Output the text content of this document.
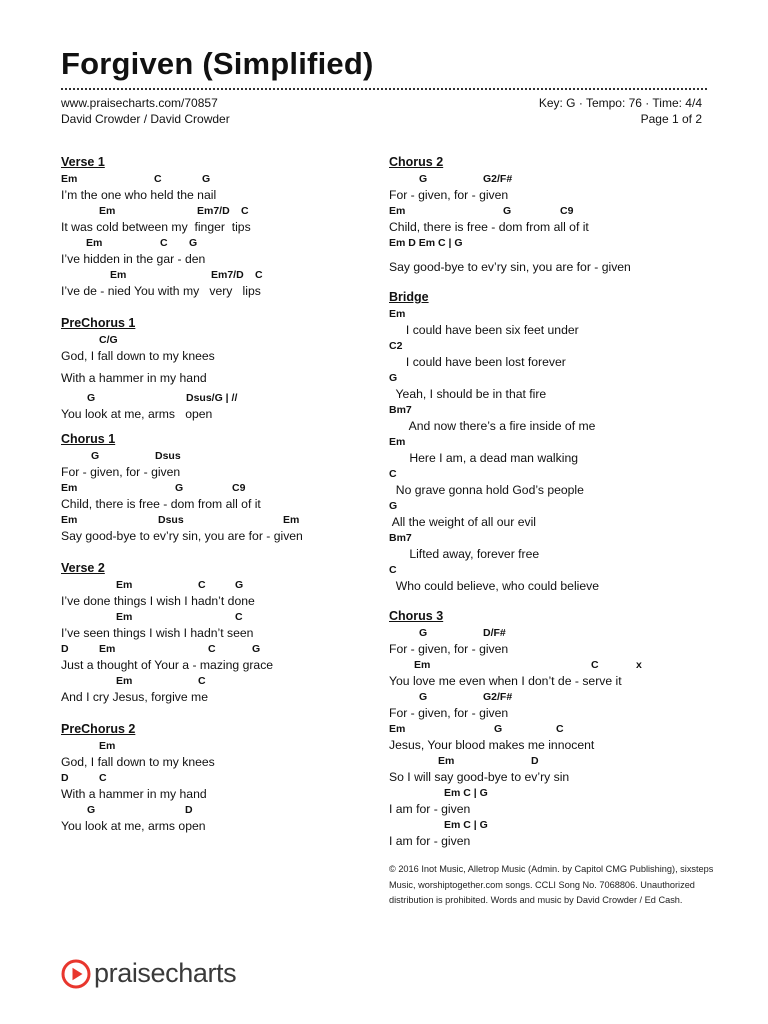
Forgiven (Simplified)
www.praisecharts.com/70857
David Crowder / David Crowder
Key: G · Tempo: 76 · Time: 4/4
Page 1 of 2
Verse 1
Em	C	G
I’m the one who held the nail
Em	Em7/D C
It was cold between my  finger  tips
Em	C G
I’ve hidden in the gar - den
Em	Em7/D C
I’ve de - nied You with my   very   lips
PreChorus 1
C/G
God, I fall down to my knees
With a hammer in my hand
G	Dsus/G | //
You look at me, arms   open
Chorus 1
G	Dsus
For - given, for - given
Em	G	C9
Child, there is free - dom from all of it
Em	Dsus	Em
Say good-bye to ev’ry sin, you are for - given
Verse 2
Em	C	G
I’ve done things I wish I hadn’t done
Em	C
I’ve seen things I wish I hadn’t seen
D	Em	C	G
Just a thought of Your a - mazing grace
Em	C
And I cry Jesus, forgive me
PreChorus 2
Em
God, I fall down to my knees
D	C
With a hammer in my hand
G	D
You look at me, arms open
Chorus 2
G	G2/F#
For - given, for - given
Em	G	C9
Child, there is free - dom from all of it
Em D Em C | G
Say good-bye to ev’ry sin, you are for - given
Bridge
Em
I could have been six feet under
C2
I could have been lost forever
G
Yeah, I should be in that fire
Bm7
And now there’s a fire inside of me
Em
Here I am, a dead man walking
C
No grave gonna hold God’s people
G
All the weight of all our evil
Bm7
Lifted away, forever free
C
Who could believe, who could believe
Chorus 3
G	D/F#
For - given, for - given
Em	C	x
You love me even when I don’t de - serve it
G	G2/F#
For - given, for - given
Em	G	C
Jesus, Your blood makes me innocent
Em	D
So I will say good-bye to ev’ry sin
Em C | G
I am for - given
Em C | G
I am for - given
© 2016 Inot Music, Alletrop Music (Admin. by Capitol CMG Publishing), sixsteps Music, worshiptogether.com songs. CCLI Song No. 7068806. Unauthorized distribution is prohibited. Words and music by David Crowder / Ed Cash.
praisecharts
